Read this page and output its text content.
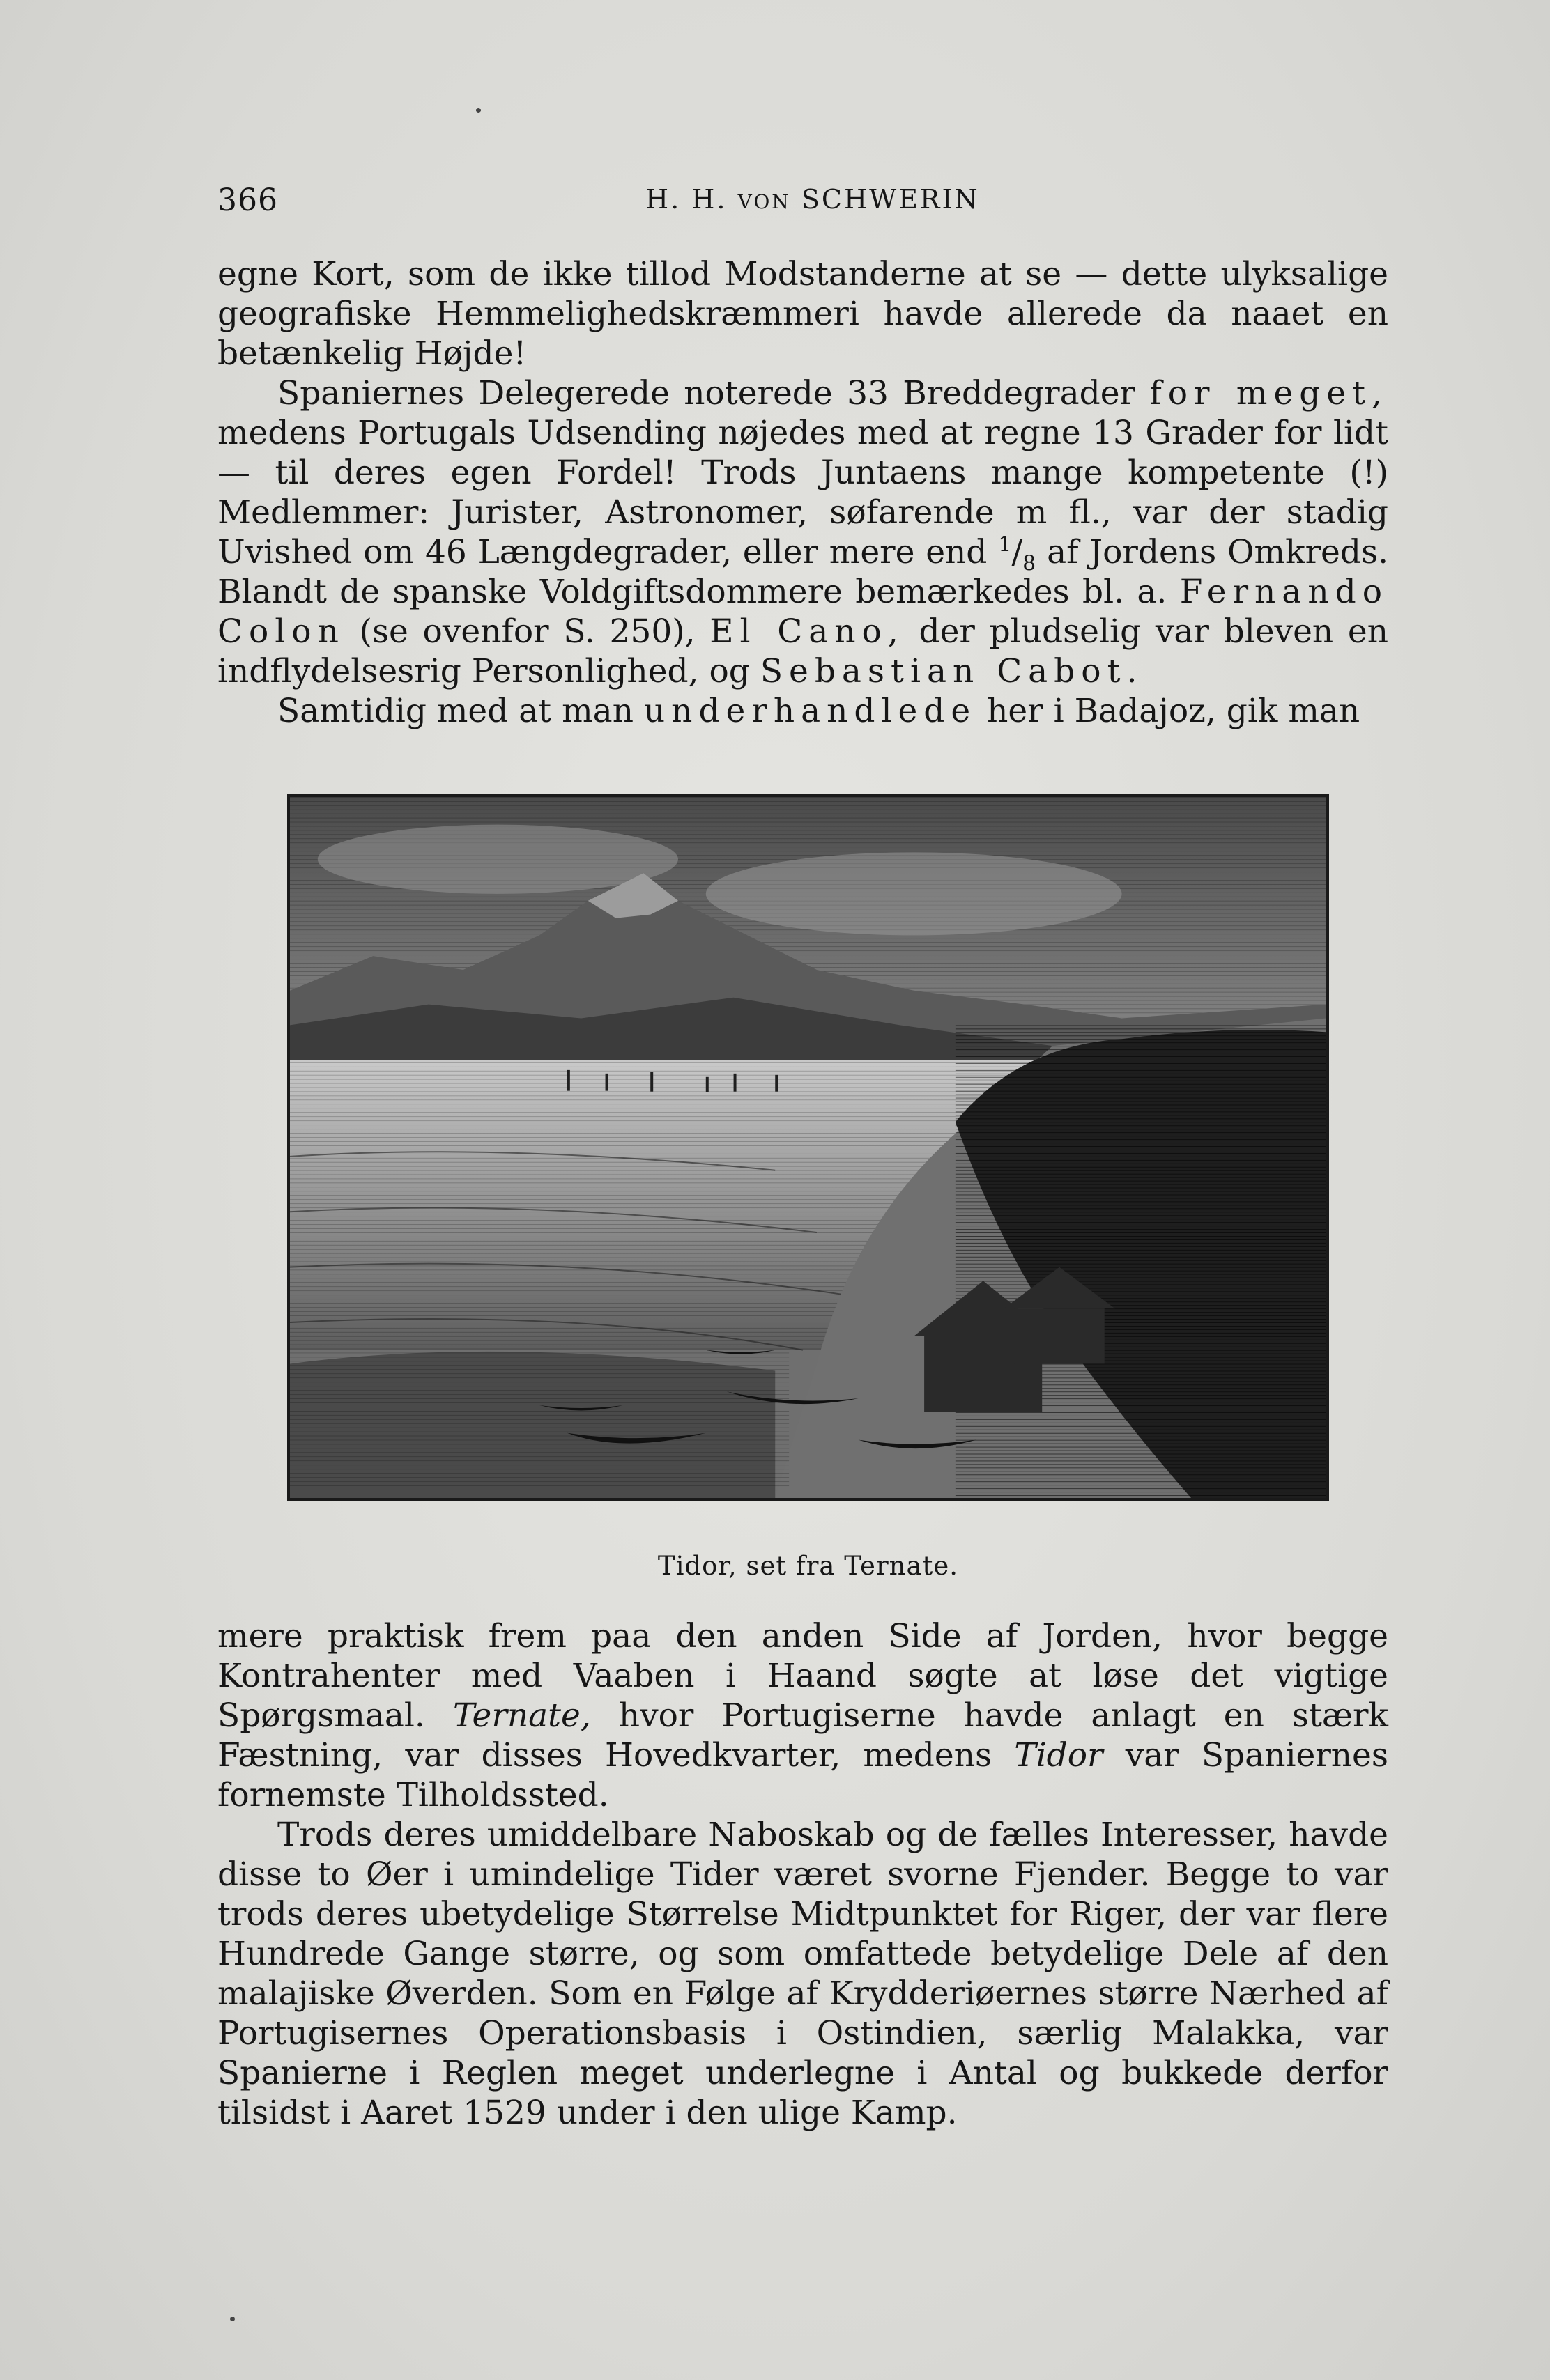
366	H. H. VON SCHWERIN

egne Kort, som de ikke tillod Modstanderne at se — dette ulyksalige geografiske Hemmelighedskræmmeri havde allerede da naaet en betænkelig Højde!

Spaniernes Delegerede noterede 33 Breddegrader for meget, medens Portugals Udsending nøjedes med at regne 13 Grader for lidt — til deres egen Fordel! Trods Juntaens mange kompetente (!) Medlemmer: Jurister, Astronomer, søfarende m fl., var der stadig Uvished om 46 Længdegrader, eller mere end $^1/_8$ af Jordens Omkreds. Blandt de spanske Voldgiftsdommere bemærkedes bl. a. Fernando Colon (se ovenfor S. 250), El Cano, der pludselig var bleven en indflydelsesrig Personlighed, og Sebastian Cabot.

Samtidig med at man underhandlede her i Badajoz, gik man

Tidor, set fra Ternate.

mere praktisk frem paa den anden Side af Jorden, hvor begge Kontrahenter med Vaaben i Haand søgte at løse det vigtige Spørgsmaal. Ternate, hvor Portugiserne havde anlagt en stærk Fæstning, var disses Hovedkvarter, medens Tidor var Spaniernes fornemste Tilholdssted.

Trods deres umiddelbare Naboskab og de fælles Interesser, havde disse to Øer i umindelige Tider været svorne Fjender. Begge to var trods deres ubetydelige Størrelse Midtpunktet for Riger, der var flere Hundrede Gange større, og som omfattede betydelige Dele af den malajiske Øverden. Som en Følge af Krydderiøernes større Nærhed af Portugisernes Operationsbasis i Ostindien, særlig Malakka, var Spanierne i Reglen meget underlegne i Antal og bukkede derfor tilsidst i Aaret 1529 under i den ulige Kamp.
